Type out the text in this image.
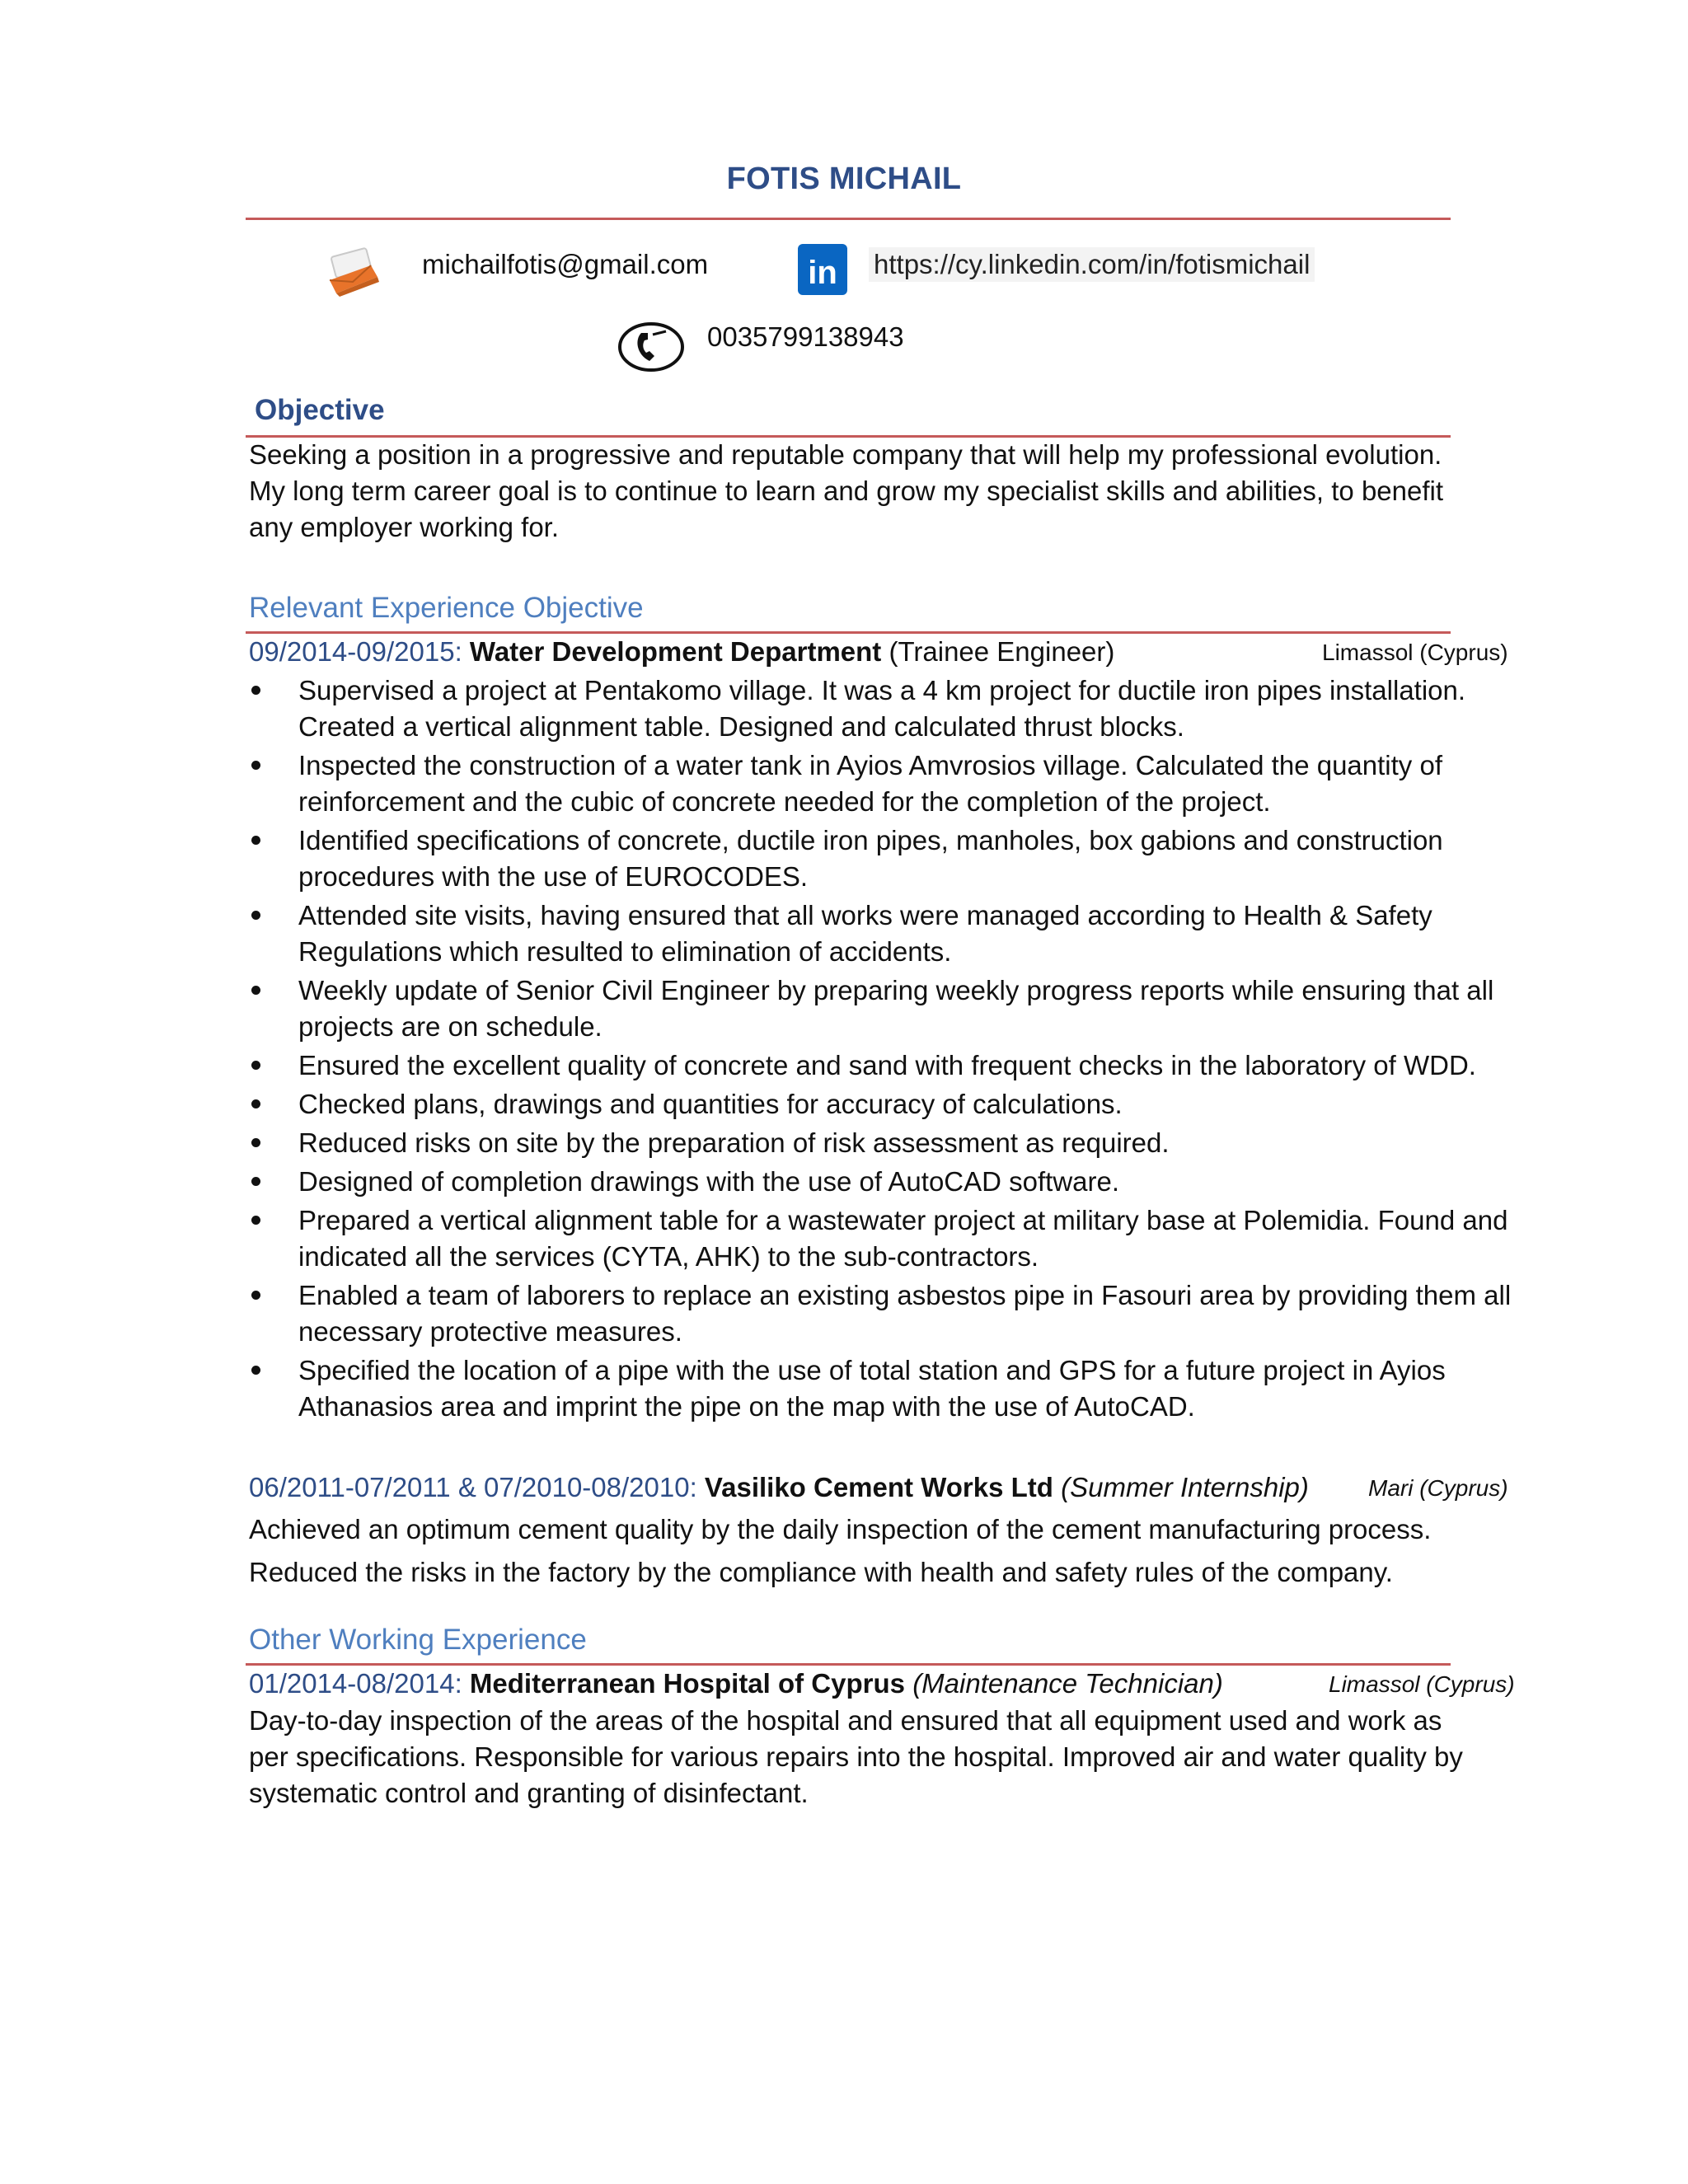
FOTIS MICHAIL
michailfotis@gmail.com	in https://cy.linkedin.com/in/fotismichail
0035799138943
Objective
Seeking a position in a progressive and reputable company that will help my professional evolution.
My long term career goal is to continue to learn and grow my specialist skills and abilities, to benefit
any employer working for.
Relevant Experience Objective
09/2014-09/2015: Water Development Department (Trainee Engineer)	Limassol (Cyprus)
Supervised a project at Pentakomo village. It was a 4 km project for ductile iron pipes installation. Created a vertical alignment table. Designed and calculated thrust blocks.
Inspected the construction of a water tank in Ayios Amvrosios village. Calculated the quantity of reinforcement and the cubic of concrete needed for the completion of the project.
Identified specifications of concrete, ductile iron pipes, manholes, box gabions and construction procedures with the use of EUROCODES.
Attended site visits, having ensured that all works were managed according to Health & Safety Regulations which resulted to elimination of accidents.
Weekly update of Senior Civil Engineer by preparing weekly progress reports while ensuring that all projects are on schedule.
Ensured the excellent quality of concrete and sand with frequent checks in the laboratory of WDD.
Checked plans, drawings and quantities for accuracy of calculations.
Reduced risks on site by the preparation of risk assessment as required.
Designed of completion drawings with the use of AutoCAD software.
Prepared a vertical alignment table for a wastewater project at military base at Polemidia. Found and indicated all the services (CYTA, AHK) to the sub-contractors.
Enabled a team of laborers to replace an existing asbestos pipe in Fasouri area by providing them all necessary protective measures.
Specified the location of a pipe with the use of total station and GPS for a future project in Ayios Athanasios area and imprint the pipe on the map with the use of AutoCAD.
06/2011-07/2011 & 07/2010-08/2010: Vasiliko Cement Works Ltd (Summer Internship)	Mari (Cyprus)
Achieved an optimum cement quality by the daily inspection of the cement manufacturing process.
Reduced the risks in the factory by the compliance with health and safety rules of the company.
Other Working Experience
01/2014-08/2014: Mediterranean Hospital of Cyprus (Maintenance Technician)	Limassol (Cyprus)
Day-to-day inspection of the areas of the hospital and ensured that all equipment used and work as
per specifications. Responsible for various repairs into the hospital. Improved air and water quality by
systematic control and granting of disinfectant.
